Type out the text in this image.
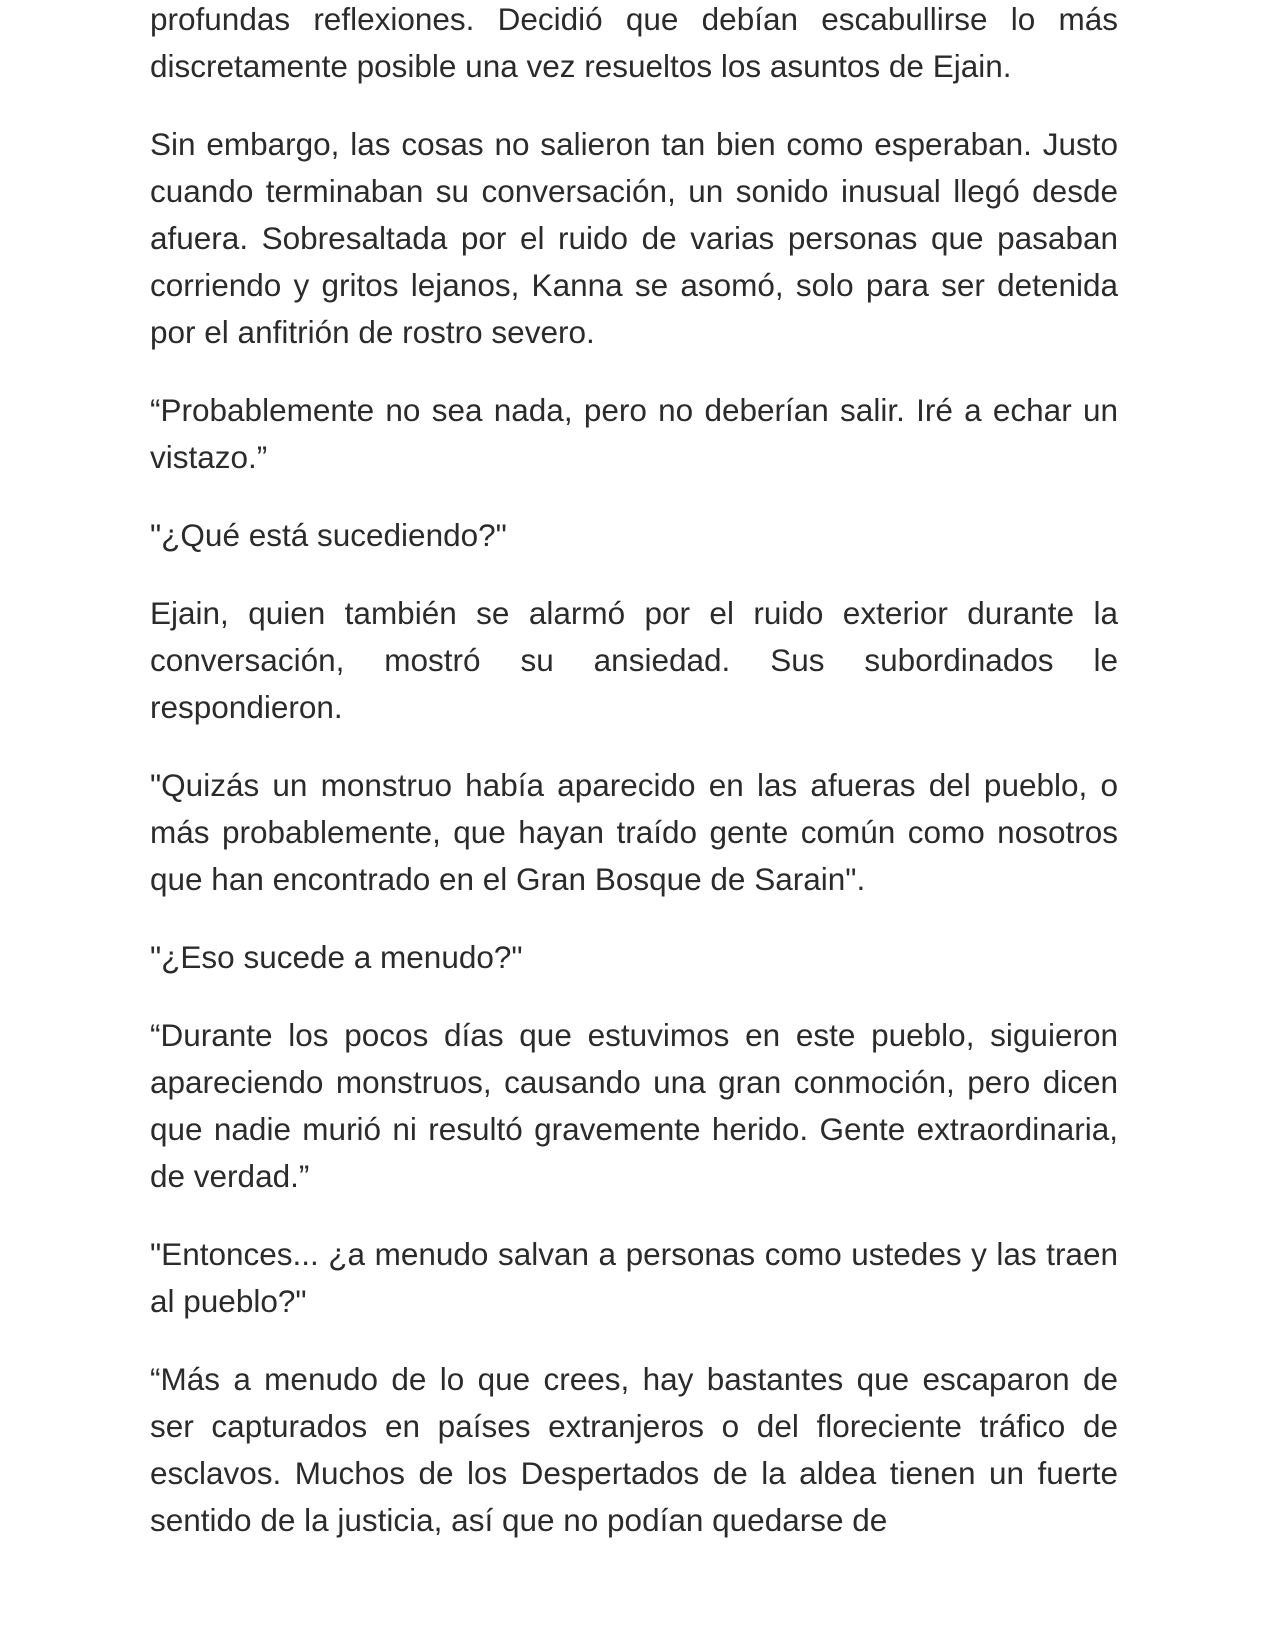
profundas reflexiones. Decidió que debían escabullirse lo más discretamente posible una vez resueltos los asuntos de Ejain.

Sin embargo, las cosas no salieron tan bien como esperaban. Justo cuando terminaban su conversación, un sonido inusual llegó desde afuera. Sobresaltada por el ruido de varias personas que pasaban corriendo y gritos lejanos, Kanna se asomó, solo para ser detenida por el anfitrión de rostro severo.

“Probablemente no sea nada, pero no deberían salir. Iré a echar un vistazo.”

"¿Qué está sucediendo?"

Ejain, quien también se alarmó por el ruido exterior durante la conversación, mostró su ansiedad. Sus subordinados le respondieron.

"Quizás un monstruo había aparecido en las afueras del pueblo, o más probablemente, que hayan traído gente común como nosotros que han encontrado en el Gran Bosque de Sarain".

"¿Eso sucede a menudo?"

“Durante los pocos días que estuvimos en este pueblo, siguieron apareciendo monstruos, causando una gran conmoción, pero dicen que nadie murió ni resultó gravemente herido. Gente extraordinaria, de verdad.”

"Entonces... ¿a menudo salvan a personas como ustedes y las traen al pueblo?"

“Más a menudo de lo que crees, hay bastantes que escaparon de ser capturados en países extranjeros o del floreciente tráfico de esclavos. Muchos de los Despertados de la aldea tienen un fuerte sentido de la justicia, así que no podían quedarse de
